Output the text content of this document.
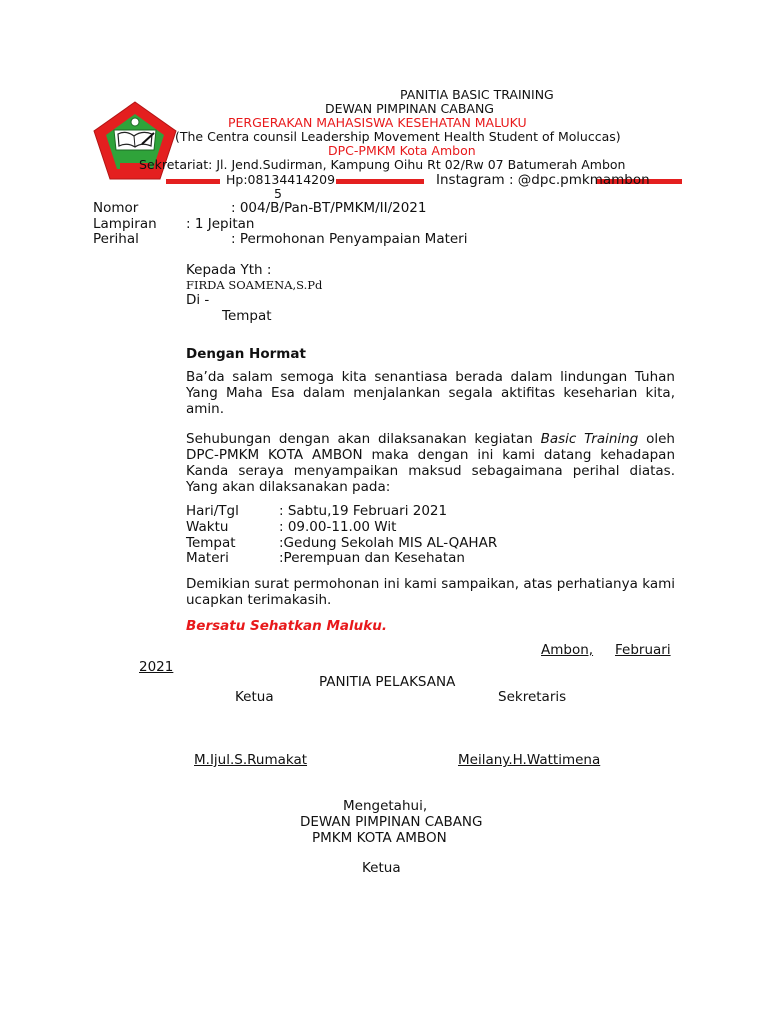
PANITIA BASIC TRAINING
DEWAN PIMPINAN CABANG
PERGERAKAN MAHASISWA KESEHATAN MALUKU
(The Centra counsil Leadership Movement Health Student of Moluccas)
DPC-PMKM Kota Ambon
Sekretariat: Jl. Jend.Sudirman, Kampung Oihu Rt 02/Rw 07 Batumerah Ambon
Hp:08134414209	Instagram : @dpc.pmkmambon
5
Nomor	: 004/B/Pan-BT/PMKM/II/2021
Lampiran : 1 Jepitan
Perihal	: Permohonan Penyampaian Materi
Kepada Yth :
FIRDA SOAMENA,S.Pd
Di -
Tempat
Dengan Hormat
Ba’da salam semoga kita senantiasa berada dalam lindungan Tuhan Yang Maha Esa dalam menjalankan segala aktifitas keseharian kita, amin.
Sehubungan dengan akan dilaksanakan kegiatan Basic Training oleh DPC-PMKM KOTA AMBON maka dengan ini kami datang kehadapan Kanda seraya menyampaikan maksud sebagaimana perihal diatas. Yang akan dilaksanakan pada:
Hari/Tgl	: Sabtu,19 Februari 2021
Waktu	: 09.00-11.00 Wit
Tempat	:Gedung Sekolah MIS AL-QAHAR
Materi	:Perempuan dan Kesehatan
Demikian surat permohonan ini kami sampaikan, atas perhatianya kami ucapkan terimakasih.
Bersatu Sehatkan Maluku.
Ambon, Februari
2021
PANITIA PELAKSANA
Ketua	Sekretaris
M.Ijul.S.Rumakat	Meilany.H.Wattimena
Mengetahui,
DEWAN PIMPINAN CABANG
PMKM KOTA AMBON
Ketua
